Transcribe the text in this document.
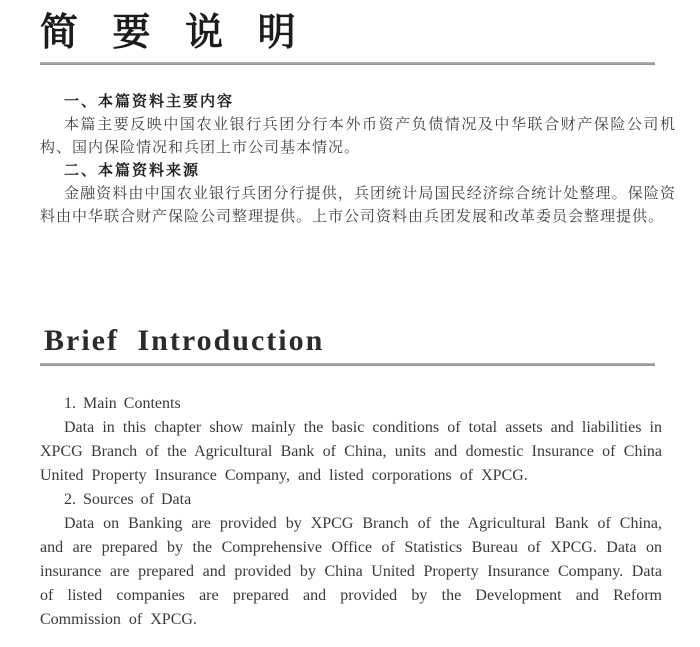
简 要 说 明
一、本篇资料主要内容
本篇主要反映中国农业银行兵团分行本外币资产负债情况及中华联合财产保险公司机构、国内保险情况和兵团上市公司基本情况。
二、本篇资料来源
金融资料由中国农业银行兵团分行提供，兵团统计局国民经济综合统计处整理。保险资料由中华联合财产保险公司整理提供。上市公司资料由兵团发展和改革委员会整理提供。
Brief Introduction
1. Main Contents
Data in this chapter show mainly the basic conditions of total assets and liabilities in XPCG Branch of the Agricultural Bank of China, units and domestic Insurance of China United Property Insurance Company, and listed corporations of XPCG.
2. Sources of Data
Data on Banking are provided by XPCG Branch of the Agricultural Bank of China, and are prepared by the Comprehensive Office of Statistics Bureau of XPCG. Data on insurance are prepared and provided by China United Property Insurance Company. Data of listed companies are prepared and provided by the Development and Reform Commission of XPCG.
